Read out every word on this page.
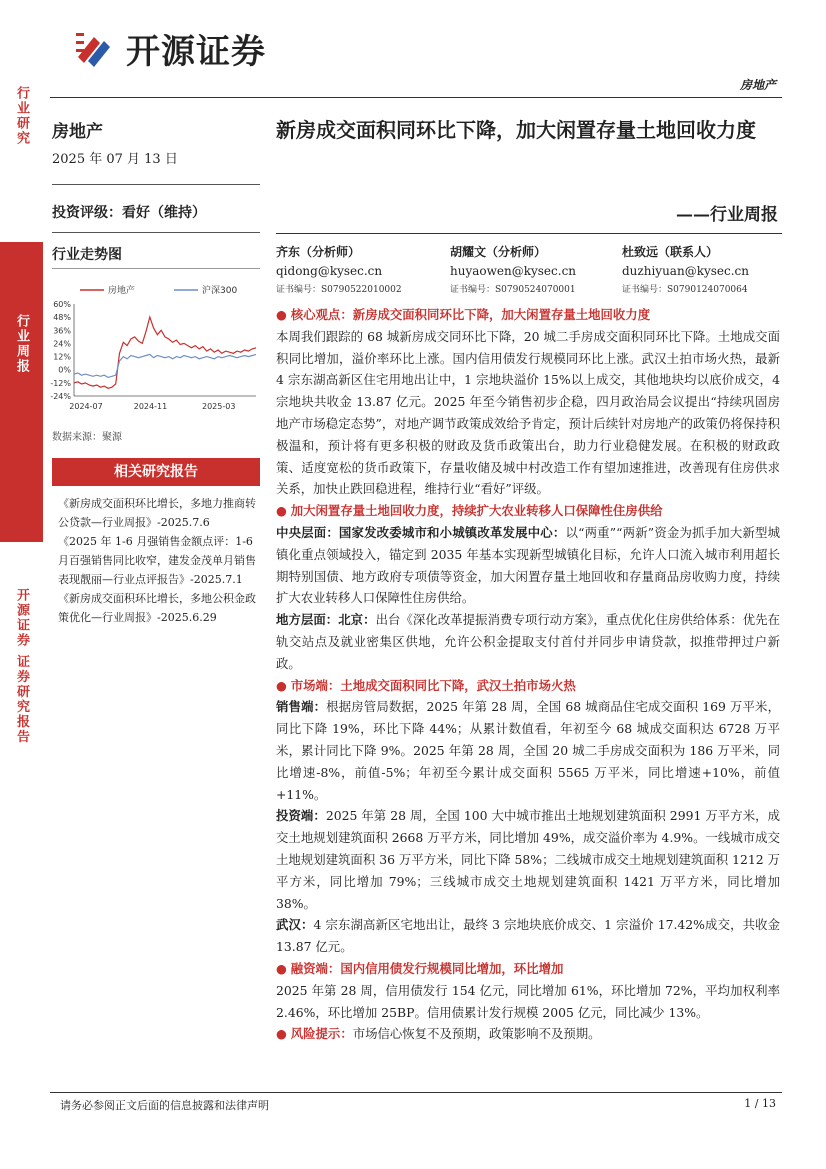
开源证券
房地产
行业研究
行业周报
开源证券 证券研究报告
房地产
2025 年 07 月 13 日
投资评级：看好（维持）
行业走势图
60%
48%
36%
24%
12%
0%
-12%
-24%
2024-07	2024-11	2025-03
房地产	沪深300
数据来源：聚源
相关研究报告

《新房成交面积环比增长，多地力推商转公贷款—行业周报》-2025.7.6

《2025 年 1-6 月强销售金额点评：1-6 月百强销售同比收窄，建发金茂单月销售表现靓丽—行业点评报告》-2025.7.1

《新房成交面积环比增长，多地公积金政策优化—行业周报》-2025.6.29

新房成交面积同环比下降，加大闲置存量土地回收力度
——行业周报
齐东（分析师）
qidong@kysec.cn
证书编号：S0790522010002
胡耀文（分析师）
huyaowen@kysec.cn
证书编号：S0790524070001
杜致远（联系人）
duzhiyuan@kysec.cn
证书编号：S0790124070064

● 核心观点：新房成交面积同环比下降，加大闲置存量土地回收力度

本周我们跟踪的 68 城新房成交同环比下降，20 城二手房成交面积同环比下降。土地成交面积同比增加，溢价率环比上涨。国内信用债发行规模同环比上涨。武汉土拍市场火热，最新 4 宗东湖高新区住宅用地出让中，1 宗地块溢价 15%以上成交，其他地块均以底价成交，4 宗地块共收金 13.87 亿元。2025 年至今销售初步企稳，四月政治局会议提出“持续巩固房地产市场稳定态势”，对地产调节政策成效给予肯定，预计后续针对房地产的政策仍将保持积极温和，预计将有更多积极的财政及货币政策出台，助力行业稳健发展。在积极的财政政策、适度宽松的货币政策下，存量收储及城中村改造工作有望加速推进，改善现有住房供求关系，加快止跌回稳进程，维持行业“看好”评级。

● 加大闲置存量土地回收力度，持续扩大农业转移人口保障性住房供给

中央层面：国家发改委城市和小城镇改革发展中心：以“两重”“两新”资金为抓手加大新型城镇化重点领域投入，锚定到 2035 年基本实现新型城镇化目标，允许人口流入城市利用超长期特别国债、地方政府专项债等资金，加大闲置存量土地回收和存量商品房收购力度，持续扩大农业转移人口保障性住房供给。

地方层面：北京：出台《深化改革提振消费专项行动方案》，重点优化住房供给体系：优先在轨交站点及就业密集区供地，允许公积金提取支付首付并同步申请贷款，拟推带押过户新政。

● 市场端：土地成交面积同比下降，武汉土拍市场火热

销售端：根据房管局数据，2025 年第 28 周，全国 68 城商品住宅成交面积 169 万平米，同比下降 19%，环比下降 44%；从累计数值看，年初至今 68 城成交面积达 6728 万平米，累计同比下降 9%。2025 年第 28 周，全国 20 城二手房成交面积为 186 万平米，同比增速-8%，前值-5%；年初至今累计成交面积 5565 万平米，同比增速+10%，前值+11%。

投资端：2025 年第 28 周，全国 100 大中城市推出土地规划建筑面积 2991 万平方米，成交土地规划建筑面积 2668 万平方米，同比增加 49%，成交溢价率为 4.9%。一线城市成交土地规划建筑面积 36 万平方米，同比下降 58%；二线城市成交土地规划建筑面积 1212 万平方米，同比增加 79%；三线城市成交土地规划建筑面积 1421 万平方米，同比增加 38%。

武汉：4 宗东湖高新区宅地出让，最终 3 宗地块底价成交、1 宗溢价 17.42%成交，共收金 13.87 亿元。

● 融资端：国内信用债发行规模同比增加，环比增加

2025 年第 28 周，信用债发行 154 亿元，同比增加 61%，环比增加 72%，平均加权利率 2.46%，环比增加 25BP。信用债累计发行规模 2005 亿元，同比减少 13%。

● 风险提示：市场信心恢复不及预期，政策影响不及预期。

请务必参阅正文后面的信息披露和法律声明	1 / 13
